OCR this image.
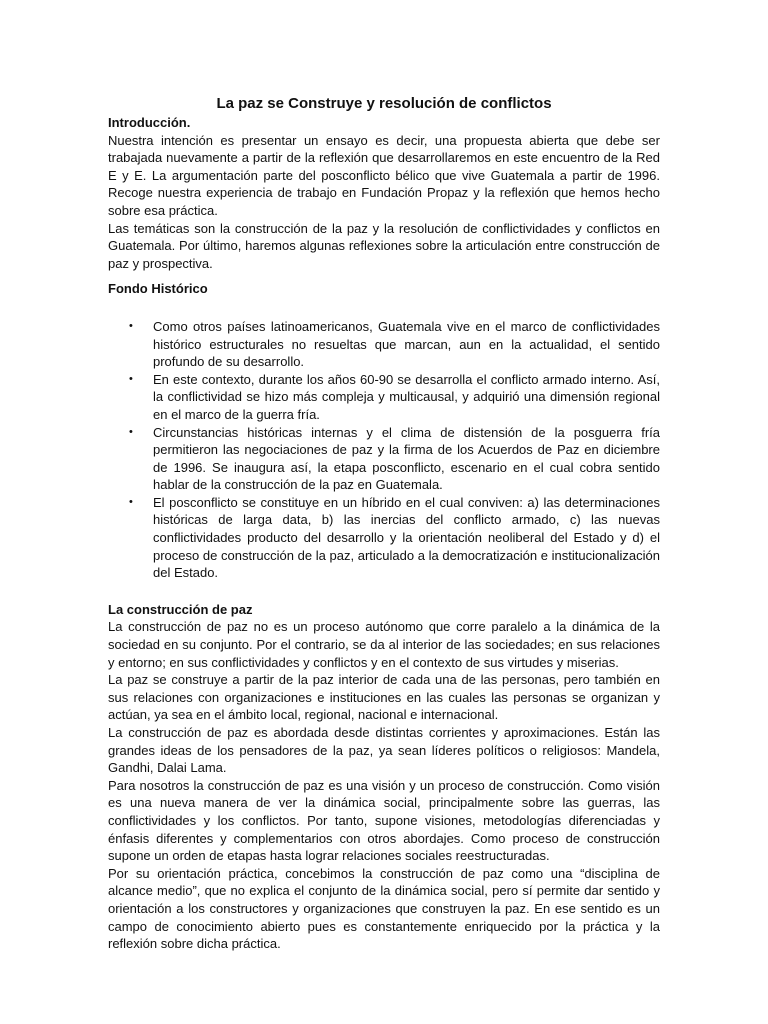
La paz se Construye y resolución de conflictos
Introducción.

Nuestra intención es presentar un ensayo es decir, una propuesta abierta que debe ser trabajada nuevamente a partir de la reflexión que desarrollaremos en este encuentro de la Red E y E. La argumentación parte del posconflicto bélico que vive Guatemala a partir de 1996. Recoge nuestra experiencia de trabajo en Fundación Propaz y la reflexión que hemos hecho sobre esa práctica.

Las temáticas son la construcción de la paz y la resolución de conflictividades y conflictos en Guatemala. Por último, haremos algunas reflexiones sobre la articulación entre construcción de paz y prospectiva.

Fondo Histórico
• Como otros países latinoamericanos, Guatemala vive en el marco de conflictividades histórico estructurales no resueltas que marcan, aun en la actualidad, el sentido profundo de su desarrollo.
• En este contexto, durante los años 60-90 se desarrolla el conflicto armado interno. Así, la conflictividad se hizo más compleja y multicausal, y adquirió una dimensión regional en el marco de la guerra fría.
• Circunstancias históricas internas y el clima de distensión de la posguerra fría permitieron las negociaciones de paz y la firma de los Acuerdos de Paz en diciembre de 1996. Se inaugura así, la etapa posconflicto, escenario en el cual cobra sentido hablar de la construcción de la paz en Guatemala.
• El posconflicto se constituye en un híbrido en el cual conviven: a) las determinaciones históricas de larga data, b) las inercias del conflicto armado, c) las nuevas conflictividades producto del desarrollo y la orientación neoliberal del Estado y d) el proceso de construcción de la paz, articulado a la democratización e institucionalización del Estado.
La construcción de paz

La construcción de paz no es un proceso autónomo que corre paralelo a la dinámica de la sociedad en su conjunto. Por el contrario, se da al interior de las sociedades; en sus relaciones y entorno; en sus conflictividades y conflictos y en el contexto de sus virtudes y miserias.

La paz se construye a partir de la paz interior de cada una de las personas, pero también en sus relaciones con organizaciones e instituciones en las cuales las personas se organizan y actúan, ya sea en el ámbito local, regional, nacional e internacional.

La construcción de paz es abordada desde distintas corrientes y aproximaciones. Están las grandes ideas de los pensadores de la paz, ya sean líderes políticos o religiosos: Mandela, Gandhi, Dalai Lama.

Para nosotros la construcción de paz es una visión y un proceso de construcción. Como visión es una nueva manera de ver la dinámica social, principalmente sobre las guerras, las conflictividades y los conflictos. Por tanto, supone visiones, metodologías diferenciadas y énfasis diferentes y complementarios con otros abordajes. Como proceso de construcción supone un orden de etapas hasta lograr relaciones sociales reestructuradas.

Por su orientación práctica, concebimos la construcción de paz como una “disciplina de alcance medio”, que no explica el conjunto de la dinámica social, pero sí permite dar sentido y orientación a los constructores y organizaciones que construyen la paz. En ese sentido es un campo de conocimiento abierto pues es constantemente enriquecido por la práctica y la reflexión sobre dicha práctica.
